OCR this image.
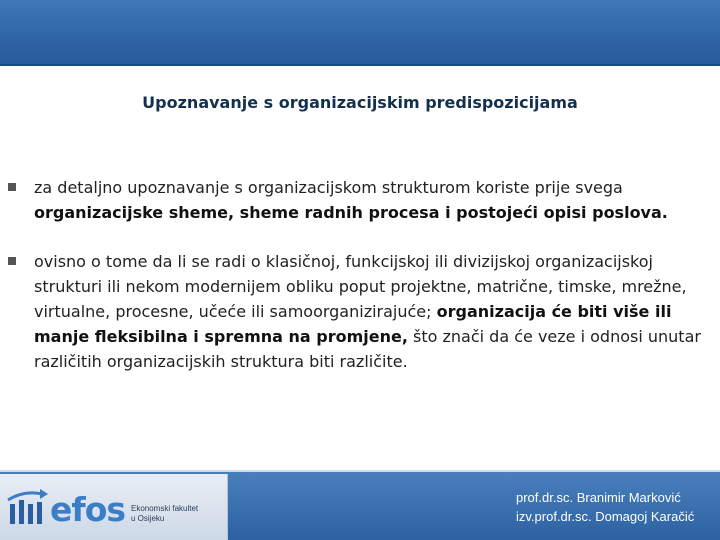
Upoznavanje s organizacijskim predispozicijama
za detaljno upoznavanje s organizacijskom strukturom koriste prije svega organizacijske sheme, sheme radnih procesa i postojeći opisi poslova.
ovisno o tome da li se radi o klasičnoj, funkcijskoj ili divizijskoj organizacijskoj strukturi ili nekom modernijem obliku poput projektne, matrične, timske, mrežne, virtualne, procesne, učeće ili samoorganizirajuće; organizacija će biti više ili manje fleksibilna i spremna na promjene, što znači da će veze i odnosi unutar različitih organizacijskih struktura biti različite.
efos Ekonomski fakultet
u Osijeku
prof.dr.sc. Branimir Marković
izv.prof.dr.sc. Domagoj Karačić
